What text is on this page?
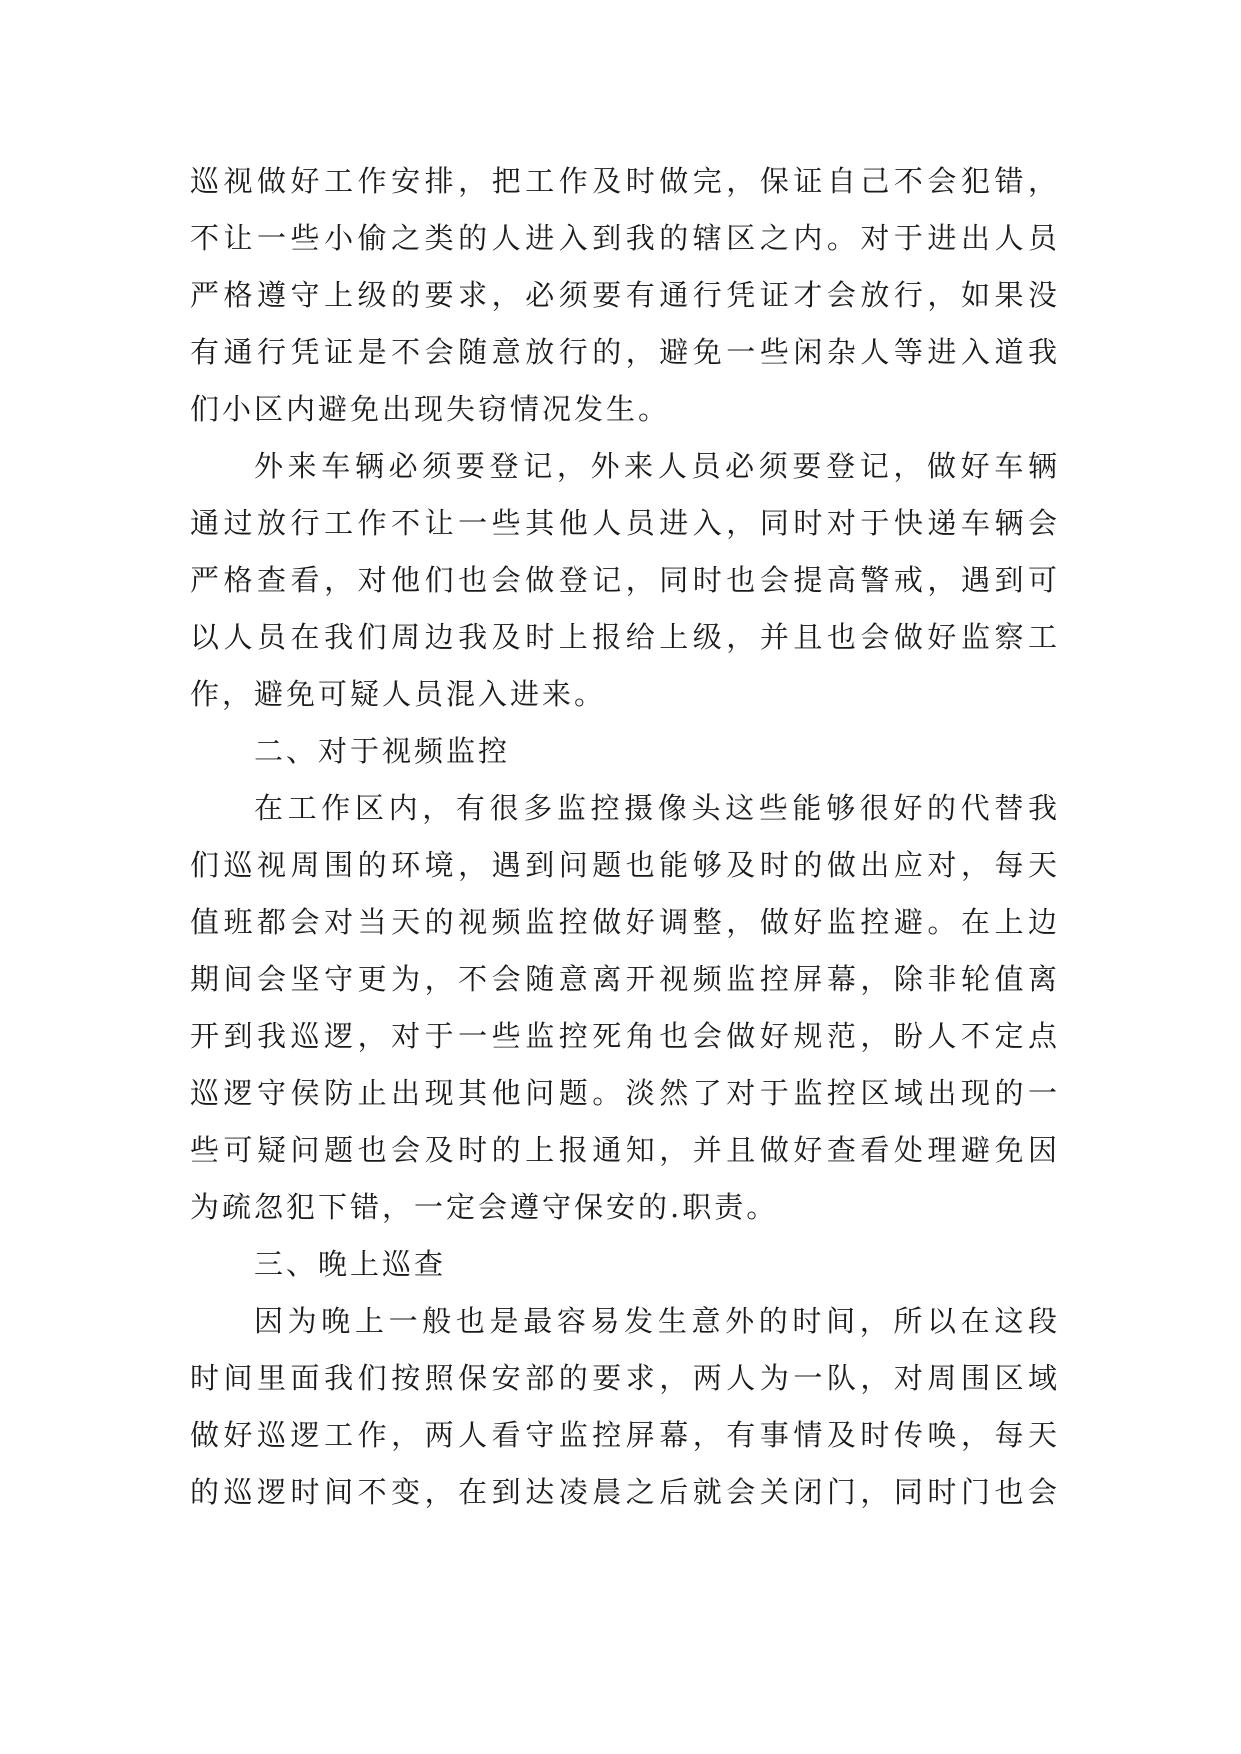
巡视做好工作安排，把工作及时做完，保证自己不会犯错，
不让一些小偷之类的人进入到我的辖区之内。对于进出人员
严格遵守上级的要求，必须要有通行凭证才会放行，如果没
有通行凭证是不会随意放行的，避免一些闲杂人等进入道我
们小区内避免出现失窃情况发生。
外来车辆必须要登记，外来人员必须要登记，做好车辆
通过放行工作不让一些其他人员进入，同时对于快递车辆会
严格查看，对他们也会做登记，同时也会提高警戒，遇到可
以人员在我们周边我及时上报给上级，并且也会做好监察工
作，避免可疑人员混入进来。
二、对于视频监控
在工作区内，有很多监控摄像头这些能够很好的代替我
们巡视周围的环境，遇到问题也能够及时的做出应对，每天
值班都会对当天的视频监控做好调整，做好监控避。在上边
期间会坚守更为，不会随意离开视频监控屏幕，除非轮值离
开到我巡逻，对于一些监控死角也会做好规范，盼人不定点
巡逻守侯防止出现其他问题。淡然了对于监控区域出现的一
些可疑问题也会及时的上报通知，并且做好查看处理避免因
为疏忽犯下错，一定会遵守保安的.职责。
三、晚上巡查
因为晚上一般也是最容易发生意外的时间，所以在这段
时间里面我们按照保安部的要求，两人为一队，对周围区域
做好巡逻工作，两人看守监控屏幕，有事情及时传唤，每天
的巡逻时间不变，在到达凌晨之后就会关闭门，同时门也会
